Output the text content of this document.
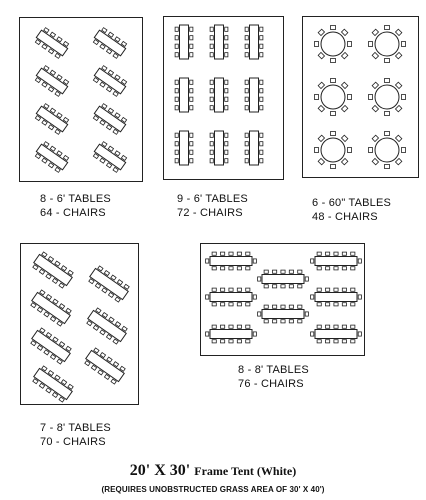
8 - 6' TABLES
64 - CHAIRS
9 - 6' TABLES
72 - CHAIRS
6 - 60" TABLES
48 - CHAIRS
7 - 8' TABLES
70 - CHAIRS
8 - 8' TABLES
76 - CHAIRS
20' X 30' Frame Tent (White)
(REQUIRES UNOBSTRUCTED GRASS AREA OF 30' X 40')
